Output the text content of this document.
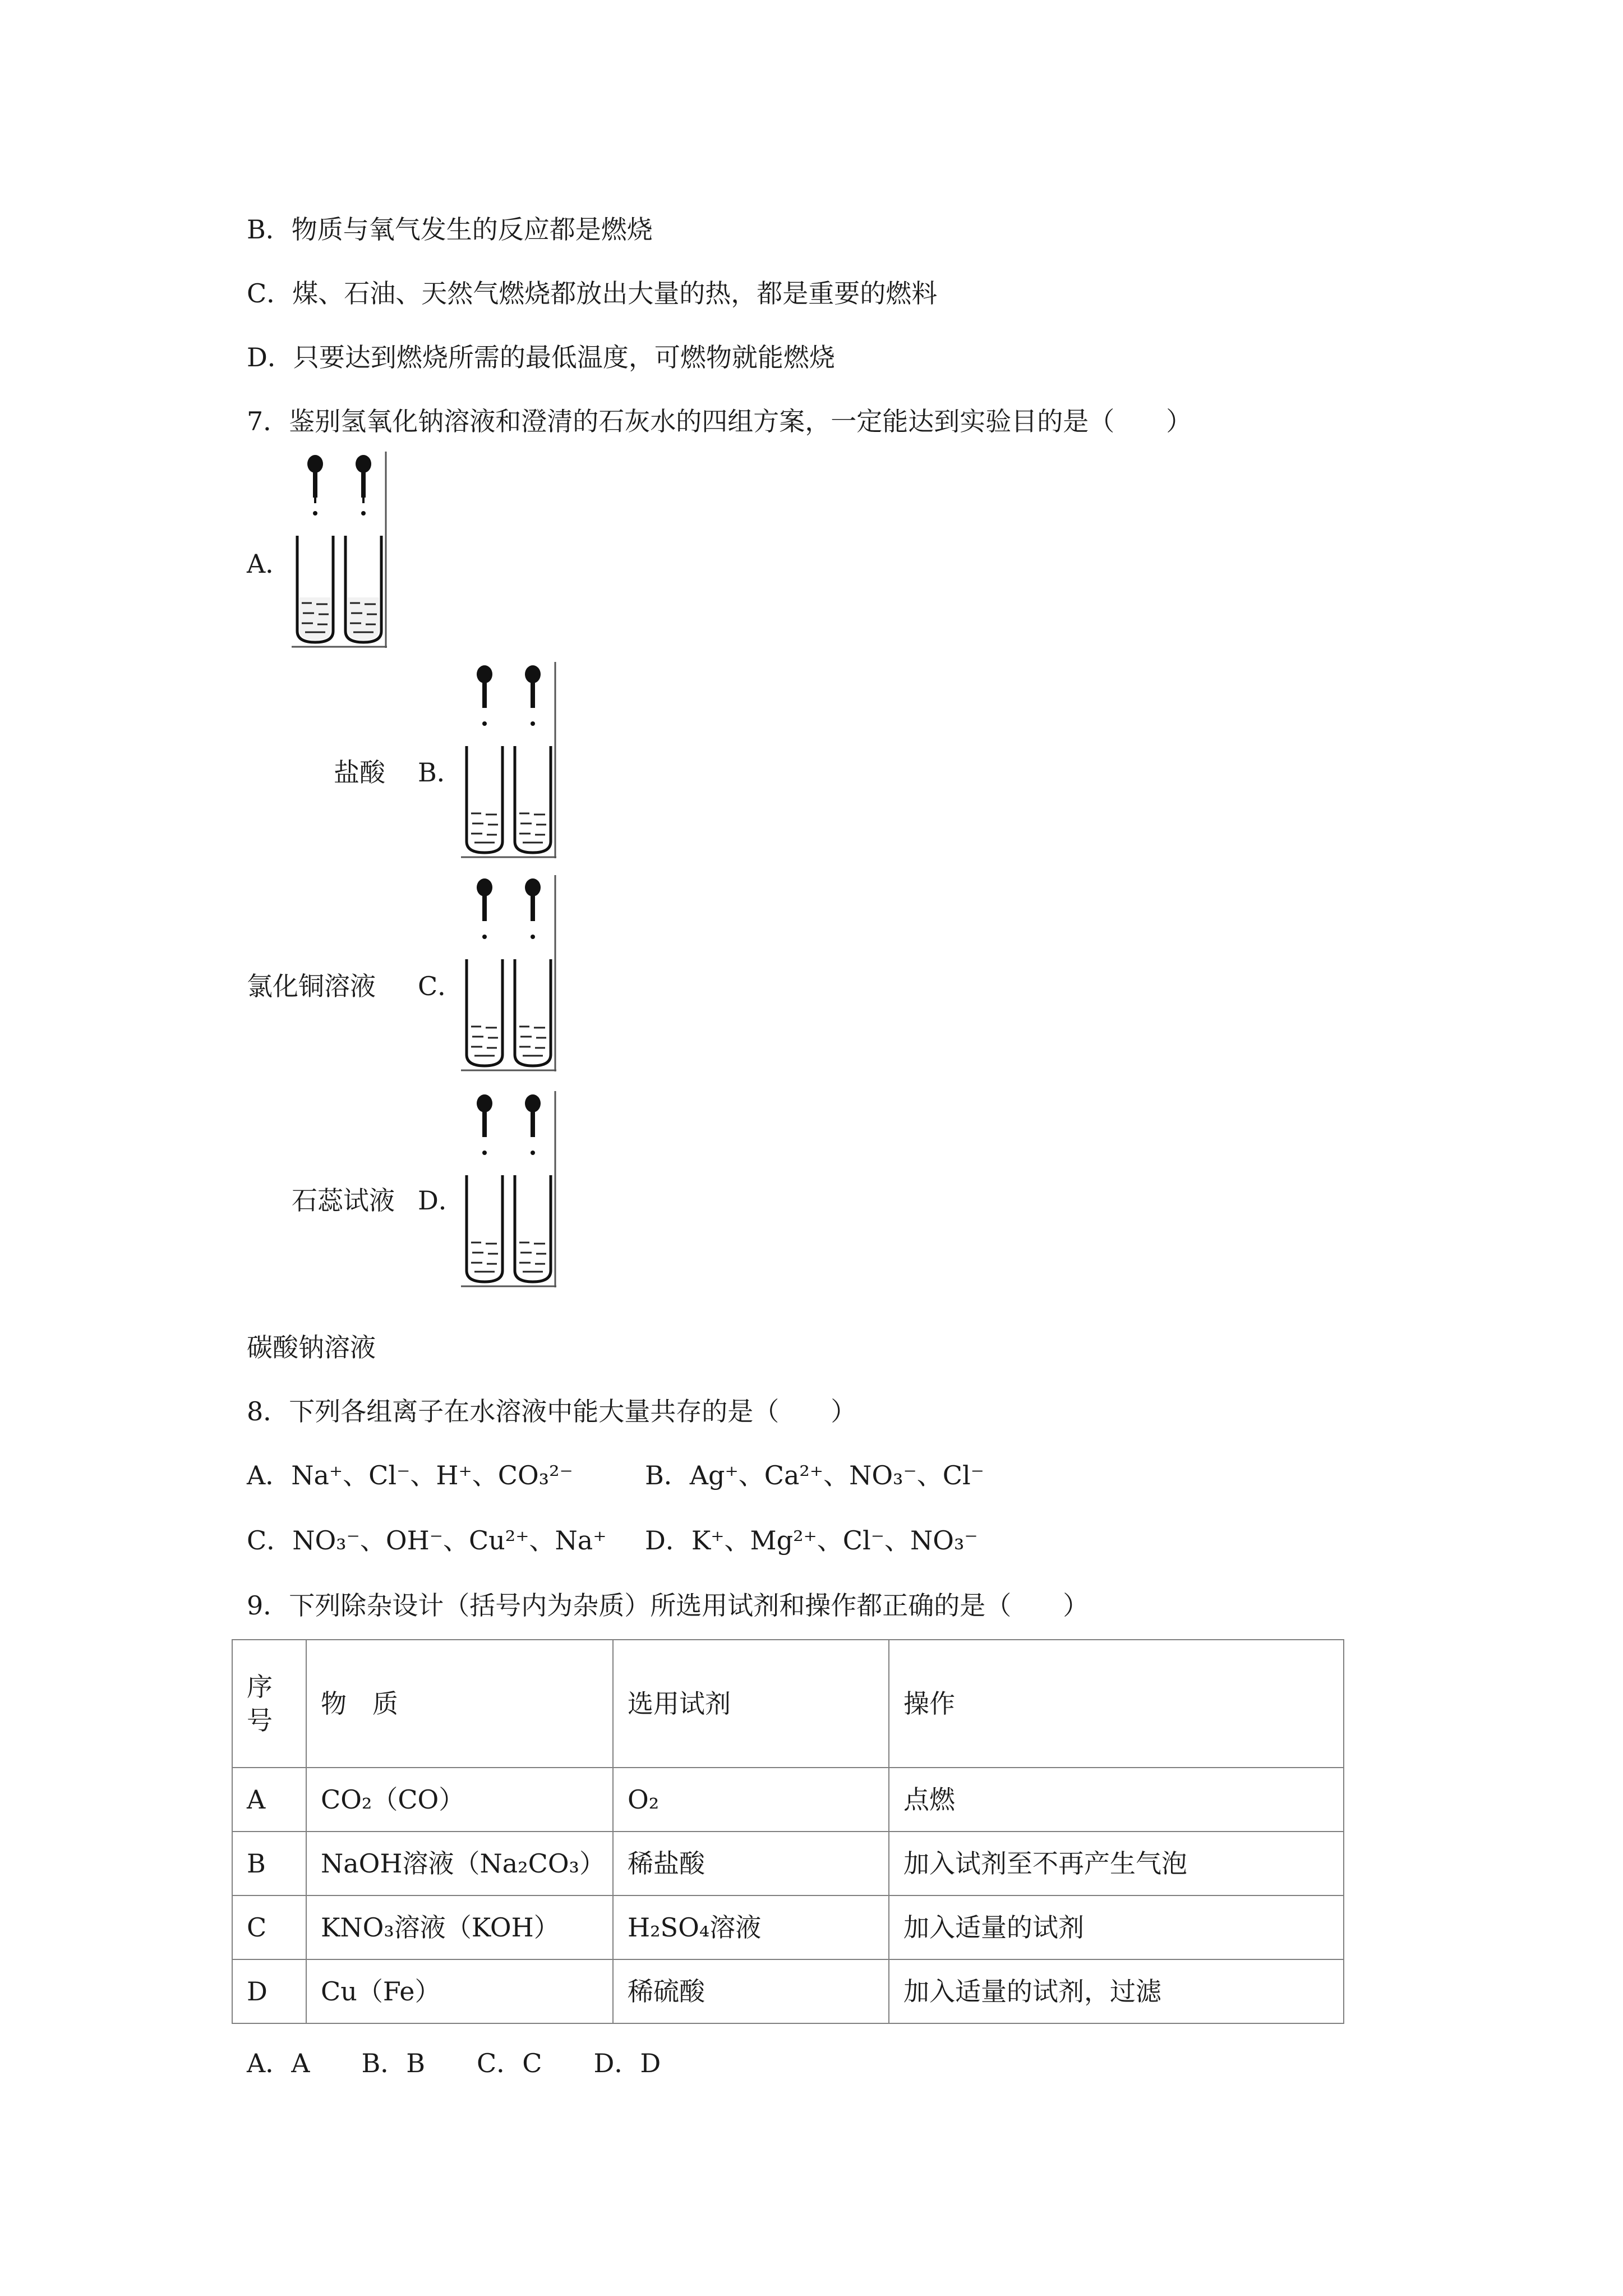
B．物质与氧气发生的反应都是燃烧
C．煤、石油、天然气燃烧都放出大量的热，都是重要的燃料
D．只要达到燃烧所需的最低温度，可燃物就能燃烧
7．鉴别氢氧化钠溶液和澄清的石灰水的四组方案，一定能达到实验目的是（　　）
A．
盐酸 B．
氯化铜溶液 C．
石蕊试液 D．
碳酸钠溶液
8．下列各组离子在水溶液中能大量共存的是（　　）
A．Na⁺、Cl⁻、H⁺、CO₃²⁻	B．Ag⁺、Ca²⁺、NO₃⁻、Cl⁻
C．NO₃⁻、OH⁻、Cu²⁺、Na⁺ D．K⁺、Mg²⁺、Cl⁻、NO₃⁻
9．下列除杂设计（括号内为杂质）所选用试剂和操作都正确的是（　　）
序号	物　质	选用试剂	操作
A	CO₂（CO）	O₂	点燃
B	NaOH溶液（Na₂CO₃）	稀盐酸	加入试剂至不再产生气泡
C	KNO₃溶液（KOH）	H₂SO₄溶液	加入适量的试剂
D	Cu（Fe）	稀硫酸	加入适量的试剂，过滤
A．A　　B．B　　C．C　　D．D
